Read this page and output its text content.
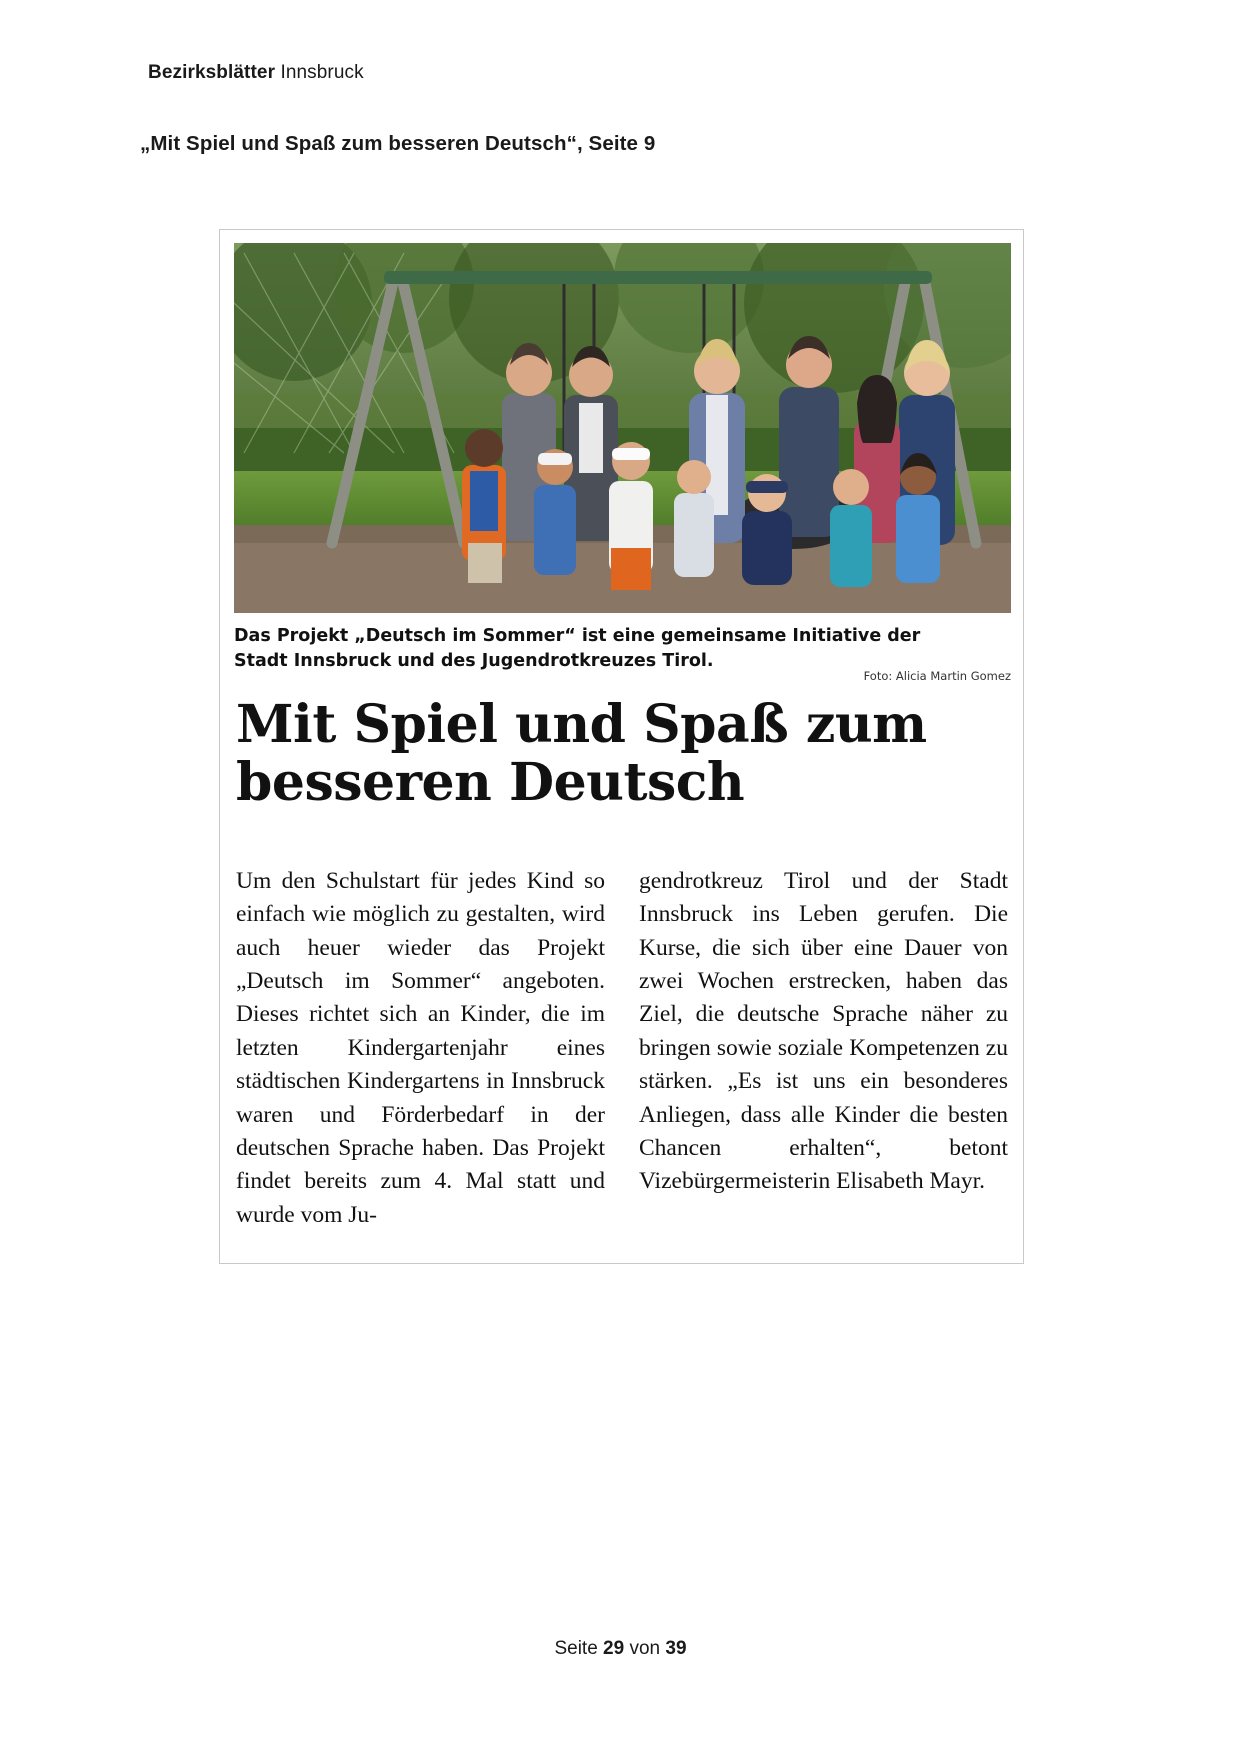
Bezirksblätter Innsbruck
„Mit Spiel und Spaß zum besseren Deutsch“, Seite 9
Das Projekt „Deutsch im Sommer“ ist eine gemeinsame Initiative der Stadt Innsbruck und des Jugendrotkreuzes Tirol.
Foto: Alicia Martin Gomez
Mit Spiel und Spaß zum besseren Deutsch

Um den Schulstart für jedes Kind so einfach wie möglich zu gestalten, wird auch heuer wieder das Projekt „Deutsch im Sommer“ angeboten. Dieses richtet sich an Kinder, die im letzten Kindergartenjahr eines städtischen Kindergartens in Innsbruck waren und Förderbedarf in der deutschen Sprache haben. Das Projekt findet bereits zum 4. Mal statt und wurde vom Ju-

gendrotkreuz Tirol und der Stadt Innsbruck ins Leben gerufen. Die Kurse, die sich über eine Dauer von zwei Wochen erstrecken, haben das Ziel, die deutsche Sprache näher zu bringen sowie soziale Kompetenzen zu stärken. „Es ist uns ein besonderes Anliegen, dass alle Kinder die besten Chancen erhalten“, betont Vizebürgermeisterin Elisabeth Mayr.

Seite 29 von 39
